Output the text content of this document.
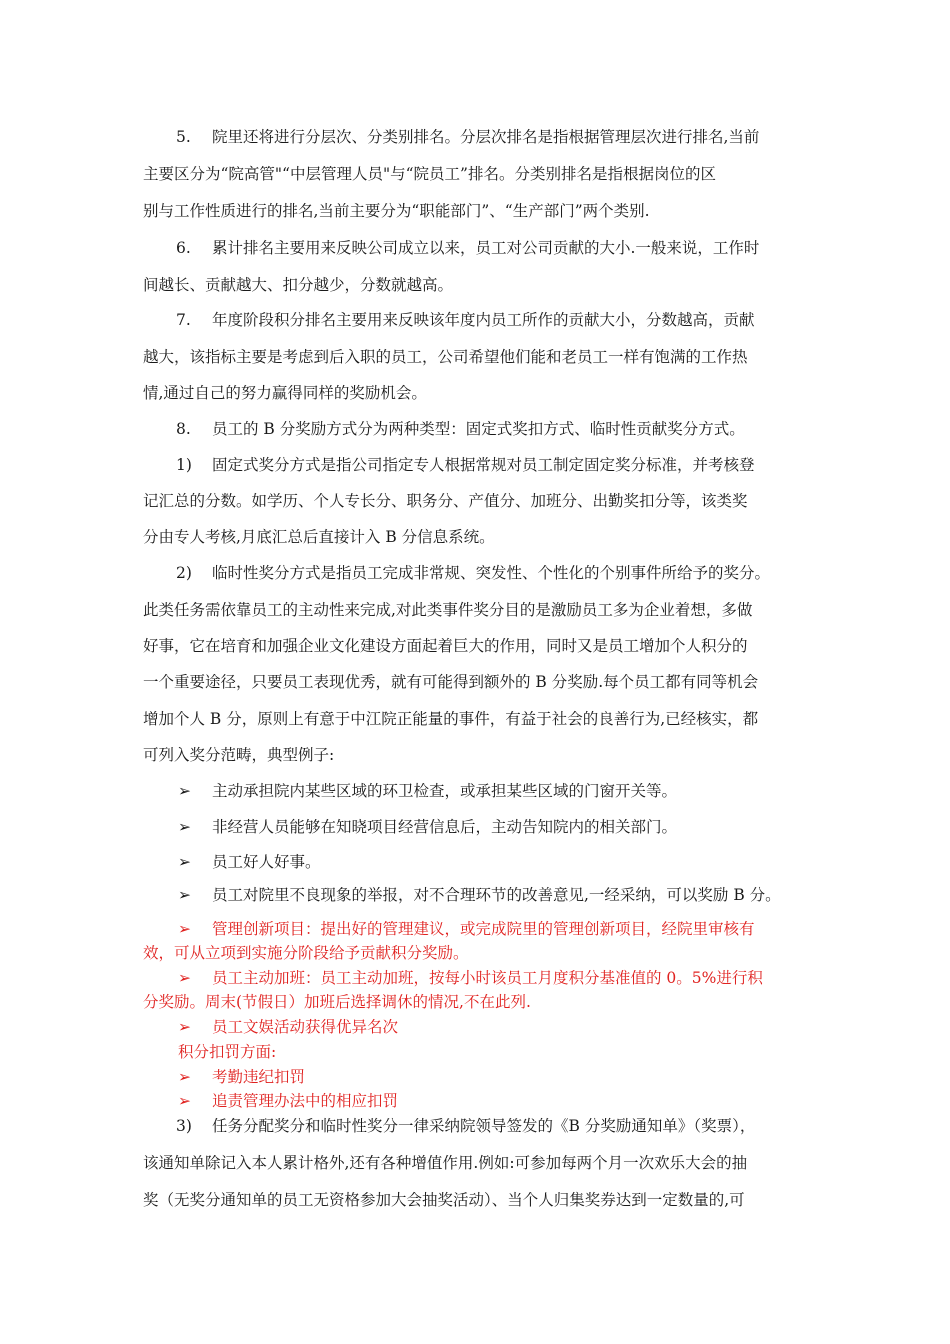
5. 院里还将进行分层次、分类别排名。分层次排名是指根据管理层次进行排名,当前
主要区分为“院高管"“中层管理人员"与“院员工”排名。分类别排名是指根据岗位的区
别与工作性质进行的排名,当前主要分为“职能部门”、“生产部门”两个类别.
6. 累计排名主要用来反映公司成立以来，员工对公司贡献的大小.一般来说，工作时
间越长、贡献越大、扣分越少，分数就越高。
7. 年度阶段积分排名主要用来反映该年度内员工所作的贡献大小，分数越高，贡献
越大，该指标主要是考虑到后入职的员工，公司希望他们能和老员工一样有饱满的工作热
情,通过自己的努力赢得同样的奖励机会。
8. 员工的 B 分奖励方式分为两种类型：固定式奖扣方式、临时性贡献奖分方式。
1) 固定式奖分方式是指公司指定专人根据常规对员工制定固定奖分标准，并考核登
记汇总的分数。如学历、个人专长分、职务分、产值分、加班分、出勤奖扣分等，该类奖
分由专人考核,月底汇总后直接计入 B 分信息系统。
2) 临时性奖分方式是指员工完成非常规、突发性、个性化的个别事件所给予的奖分。
此类任务需依靠员工的主动性来完成,对此类事件奖分目的是激励员工多为企业着想，多做
好事，它在培育和加强企业文化建设方面起着巨大的作用，同时又是员工增加个人积分的
一个重要途径，只要员工表现优秀，就有可能得到额外的 B 分奖励.每个员工都有同等机会
增加个人 B 分，原则上有意于中江院正能量的事件，有益于社会的良善行为,已经核实，都
可列入奖分范畴，典型例子:
➢ 主动承担院内某些区域的环卫检查，或承担某些区域的门窗开关等。
➢ 非经营人员能够在知晓项目经营信息后，主动告知院内的相关部门。
➢ 员工好人好事。
➢ 员工对院里不良现象的举报，对不合理环节的改善意见,一经采纳，可以奖励 B 分。
➢ 管理创新项目：提出好的管理建议，或完成院里的管理创新项目，经院里审核有
效，可从立项到实施分阶段给予贡献积分奖励。
➢ 员工主动加班：员工主动加班，按每小时该员工月度积分基准值的 0。5%进行积
分奖励。周末(节假日）加班后选择调休的情况,不在此列.
➢ 员工文娱活动获得优异名次
积分扣罚方面:
➢ 考勤违纪扣罚
➢ 追责管理办法中的相应扣罚
3) 任务分配奖分和临时性奖分一律采纳院领导签发的《B 分奖励通知单》（奖票），
该通知单除记入本人累计格外,还有各种增值作用.例如:可参加每两个月一次欢乐大会的抽
奖（无奖分通知单的员工无资格参加大会抽奖活动）、当个人归集奖券达到一定数量的,可
